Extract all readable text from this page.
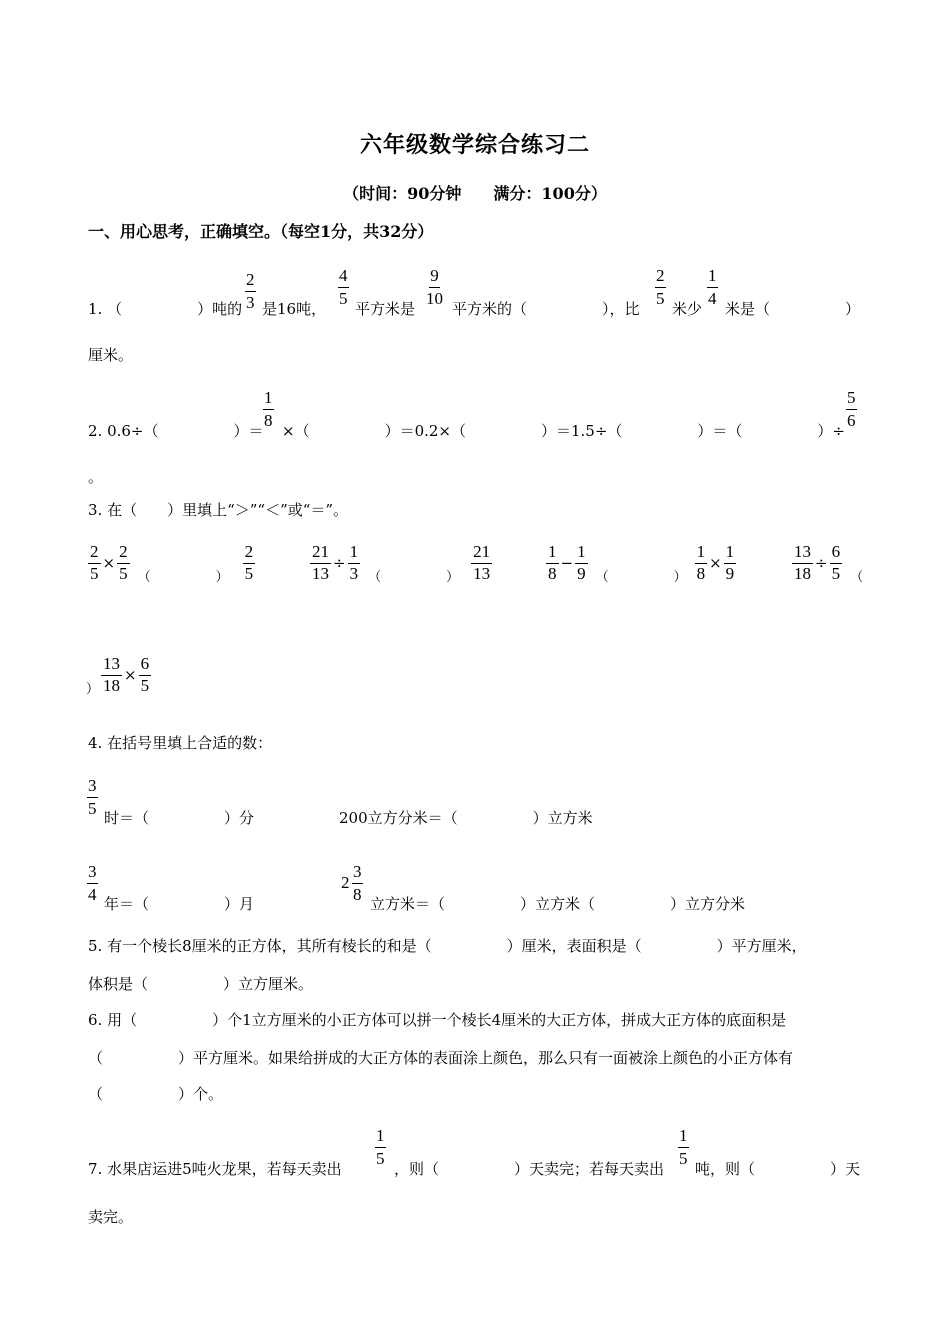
六年级数学综合练习二
（时间：90分钟　　满分：100分）
一、用心思考，正确填空。（每空1分，共32分）
1. （　　　　　）吨的
2
3 是16吨，
4
5
平方米是
9
10
平方米的（　　　　　），比
2
5
米少
1
4
米是（　　　　　）
厘米。
2. 0.6÷（　　　　　）＝
1
8
×（　　　　　）＝0.2×（　　　　　）＝1.5÷（　　　　　）＝（　　　　　）÷
5
6
。
3. 在（　　）里填上“＞”“＜”或“＝”。
$\frac{2}{5} \times \frac{2}{5}$ （　　　　　） $\frac{2}{5}$	$\frac{21}{13} \div \frac{1}{3}$ （　　　　　） $\frac{21}{13}$	$\frac{1}{8} - \frac{1}{9}$ （　　　　　） $\frac{1}{8} \times \frac{1}{9}$	$\frac{13}{18} \div \frac{6}{5}$ （
） $\frac{13}{18} \times \frac{6}{5}$
4. 在括号里填上合适的数：
3
5
时＝（　　　　　）分	200立方分米＝（　　　　　）立方米
3
4
年＝（　　　　　）月
2
3
8
立方米＝（　　　　　）立方米（　　　　　）立方分米
5. 有一个棱长8厘米的正方体，其所有棱长的和是（　　　　　）厘米，表面积是（　　　　　）平方厘米，
体积是（　　　　　）立方厘米。
6. 用（　　　　　）个1立方厘米的小正方体可以拼一个棱长4厘米的大正方体，拼成大正方体的底面积是
（　　　　　）平方厘米。如果给拼成的大正方体的表面涂上颜色，那么只有一面被涂上颜色的小正方体有
（　　　　　）个。
7. 水果店运进5吨火龙果，若每天卖出
1
5
，则（　　　　　）天卖完；若每天卖出
1
5
吨，则（　　　　　）天
卖完。
